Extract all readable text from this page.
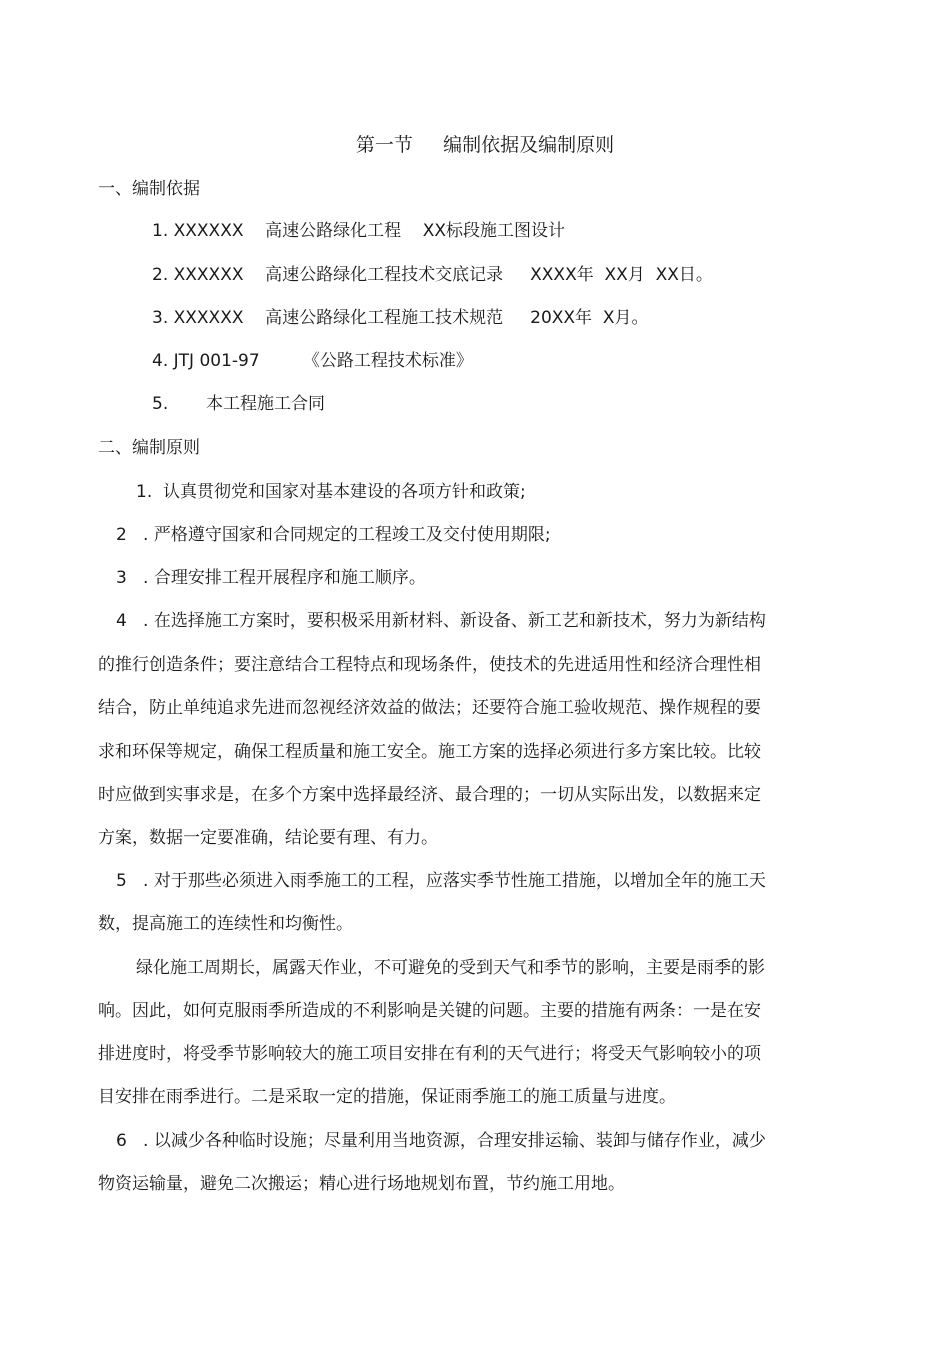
第一节     编制依据及编制原则
一、编制依据
1. XXXXXX    高速公路绿化工程    XX标段施工图设计
2. XXXXXX    高速公路绿化工程技术交底记录     XXXX年  XX月  XX日。
3. XXXXXX    高速公路绿化工程施工技术规范     20XX年  X月。
4. JTJ 001-97        《公路工程技术标准》
5.       本工程施工合同
二、编制原则
1.  认真贯彻党和国家对基本建设的各项方针和政策;
2   . 严格遵守国家和合同规定的工程竣工及交付使用期限;
3   . 合理安排工程开展程序和施工顺序。
4   . 在选择施工方案时，要积极采用新材料、新设备、新工艺和新技术，努力为新结构
的推行创造条件；要注意结合工程特点和现场条件，使技术的先进适用性和经济合理性相
结合，防止单纯追求先进而忽视经济效益的做法；还要符合施工验收规范、操作规程的要
求和环保等规定，确保工程质量和施工安全。施工方案的选择必须进行多方案比较。比较
时应做到实事求是，在多个方案中选择最经济、最合理的；一切从实际出发，以数据来定
方案，数据一定要准确，结论要有理、有力。
5   . 对于那些必须进入雨季施工的工程，应落实季节性施工措施，以增加全年的施工天
数，提高施工的连续性和均衡性。
绿化施工周期长，属露天作业，不可避免的受到天气和季节的影响，主要是雨季的影
响。因此，如何克服雨季所造成的不利影响是关键的问题。主要的措施有两条：一是在安
排进度时，将受季节影响较大的施工项目安排在有利的天气进行；将受天气影响较小的项
目安排在雨季进行。二是采取一定的措施，保证雨季施工的施工质量与进度。
6   . 以减少各种临时设施；尽量利用当地资源，合理安排运输、装卸与储存作业，减少
物资运输量，避免二次搬运；精心进行场地规划布置，节约施工用地。
